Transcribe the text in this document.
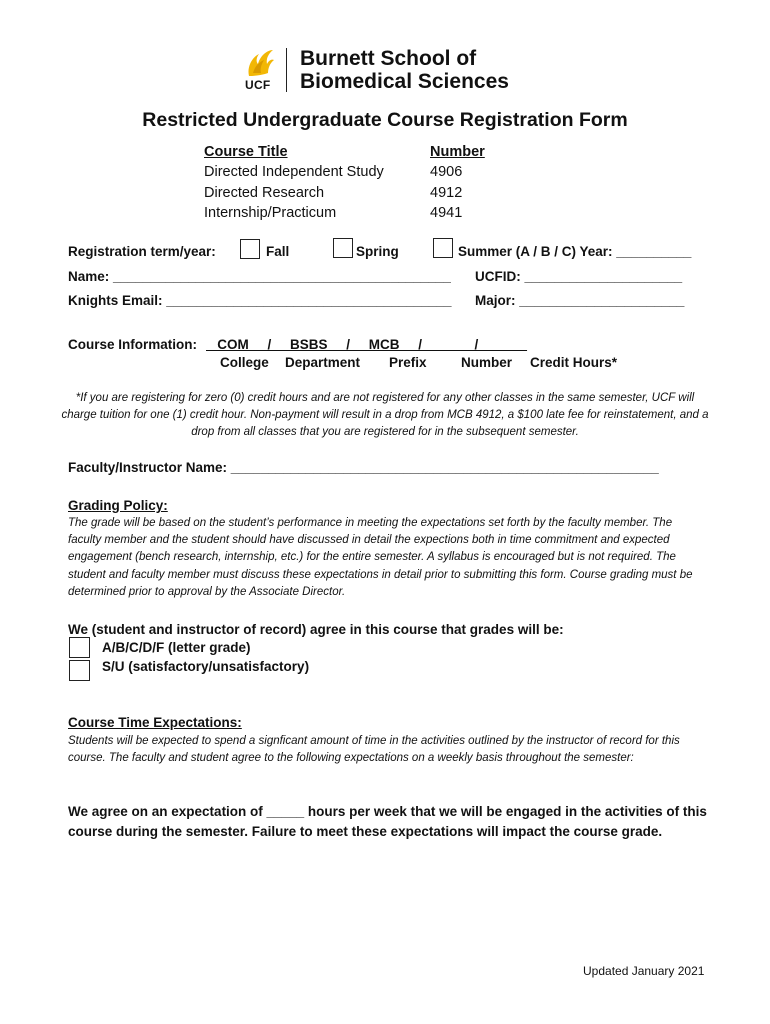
UCF
Burnett School of
Biomedical Sciences
Restricted Undergraduate Course Registration Form
Course Title	Number
Directed Independent Study	4906
Directed Research	4912
Internship/Practicum	4941
Registration term/year:	Fall	Spring	Summer (A / B / C) Year: __________
Name: _____________________________________________ UCFID: _____________________
Knights Email: ______________________________________ Major: ______________________
Course Information: COM     /     BSBS     /     MCB     /              /
College Department Prefix	Number Credit Hours*
*If you are registering for zero (0) credit hours and are not registered for any other classes in the same semester, UCF will charge tuition for one (1) credit hour. Non-payment will result in a drop from MCB 4912, a $100 late fee for reinstatement, and a drop from all classes that you are registered for in the subsequent semester.
Faculty/Instructor Name: _________________________________________________________
Grading Policy:
The grade will be based on the student’s performance in meeting the expectations set forth by the faculty member. The faculty member and the student should have discussed in detail the expections both in time commitment and expected engagement (bench research, internship, etc.) for the entire semester. A syllabus is encouraged but is not required. The student and faculty member must discuss these expectations in detail prior to submitting this form. Course grading must be determined prior to approval by the Associate Director.
We (student and instructor of record) agree in this course that grades will be:
A/B/C/D/F (letter grade)
S/U (satisfactory/unsatisfactory)
Course Time Expectations:
Students will be expected to spend a signficant amount of time in the activities outlined by the instructor of record for this course. The faculty and student agree to the following expectations on a weekly basis throughout the semester:
We agree on an expectation of _____ hours per week that we will be engaged in the activities of this course during the semester. Failure to meet these expectations will impact the course grade.
Updated January 2021
